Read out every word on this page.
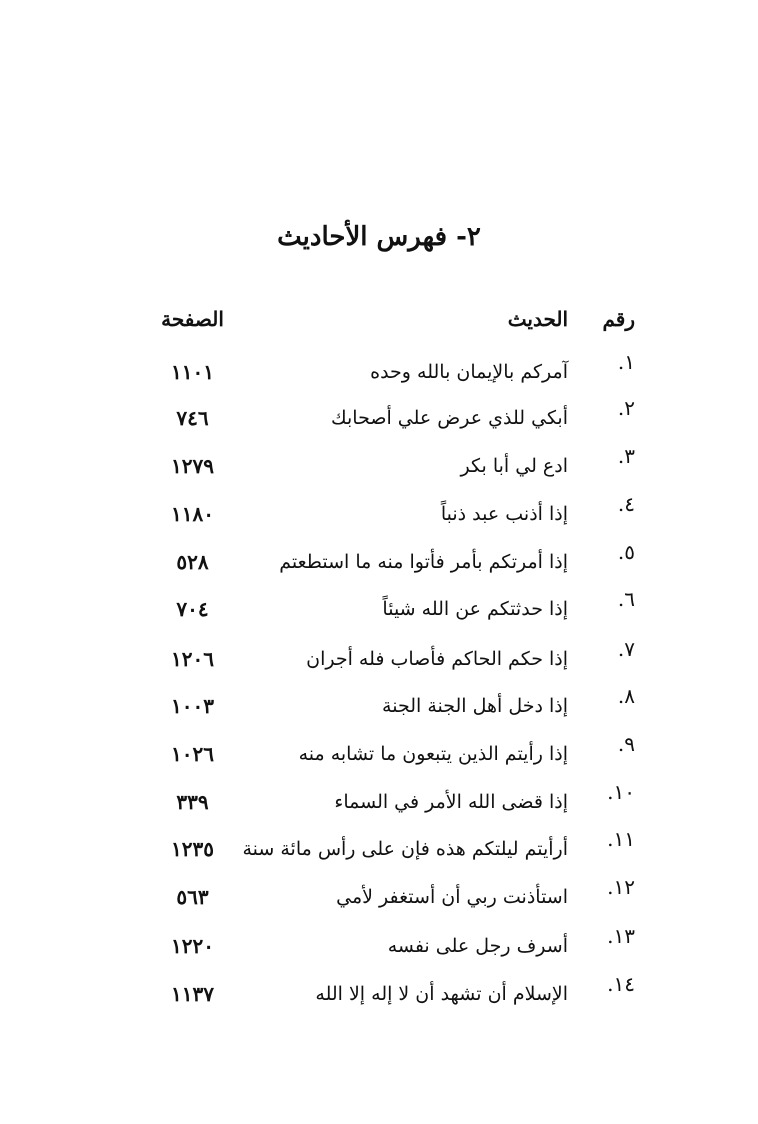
٢- فهرس الأحاديث
رقم
الحديث
الصفحة
١.
آمركم بالإيمان بالله وحده
١١٠١
٢.
أبكي للذي عرض علي أصحابك
٧٤٦
٣.
ادع لي أبا بكر
١٢٧٩
٤.
إذا أذنب عبد ذنباً
١١٨٠
٥.
إذا أمرتكم بأمر فأتوا منه ما استطعتم
٥٢٨
٦.
إذا حدثتكم عن الله شيئاً
٧٠٤
٧.
إذا حكم الحاكم فأصاب فله أجران
١٢٠٦
٨.
إذا دخل أهل الجنة الجنة
١٠٠٣
٩.
إذا رأيتم الذين يتبعون ما تشابه منه
١٠٢٦
١٠.
إذا قضى الله الأمر في السماء
٣٣٩
١١.
أرأيتم ليلتكم هذه فإن على رأس مائة سنة
١٢٣٥
١٢.
استأذنت ربي أن أستغفر لأمي
٥٦٣
١٣.
أسرف رجل على نفسه
١٢٢٠
١٤.
الإسلام أن تشهد أن لا إله إلا الله
١١٣٧
